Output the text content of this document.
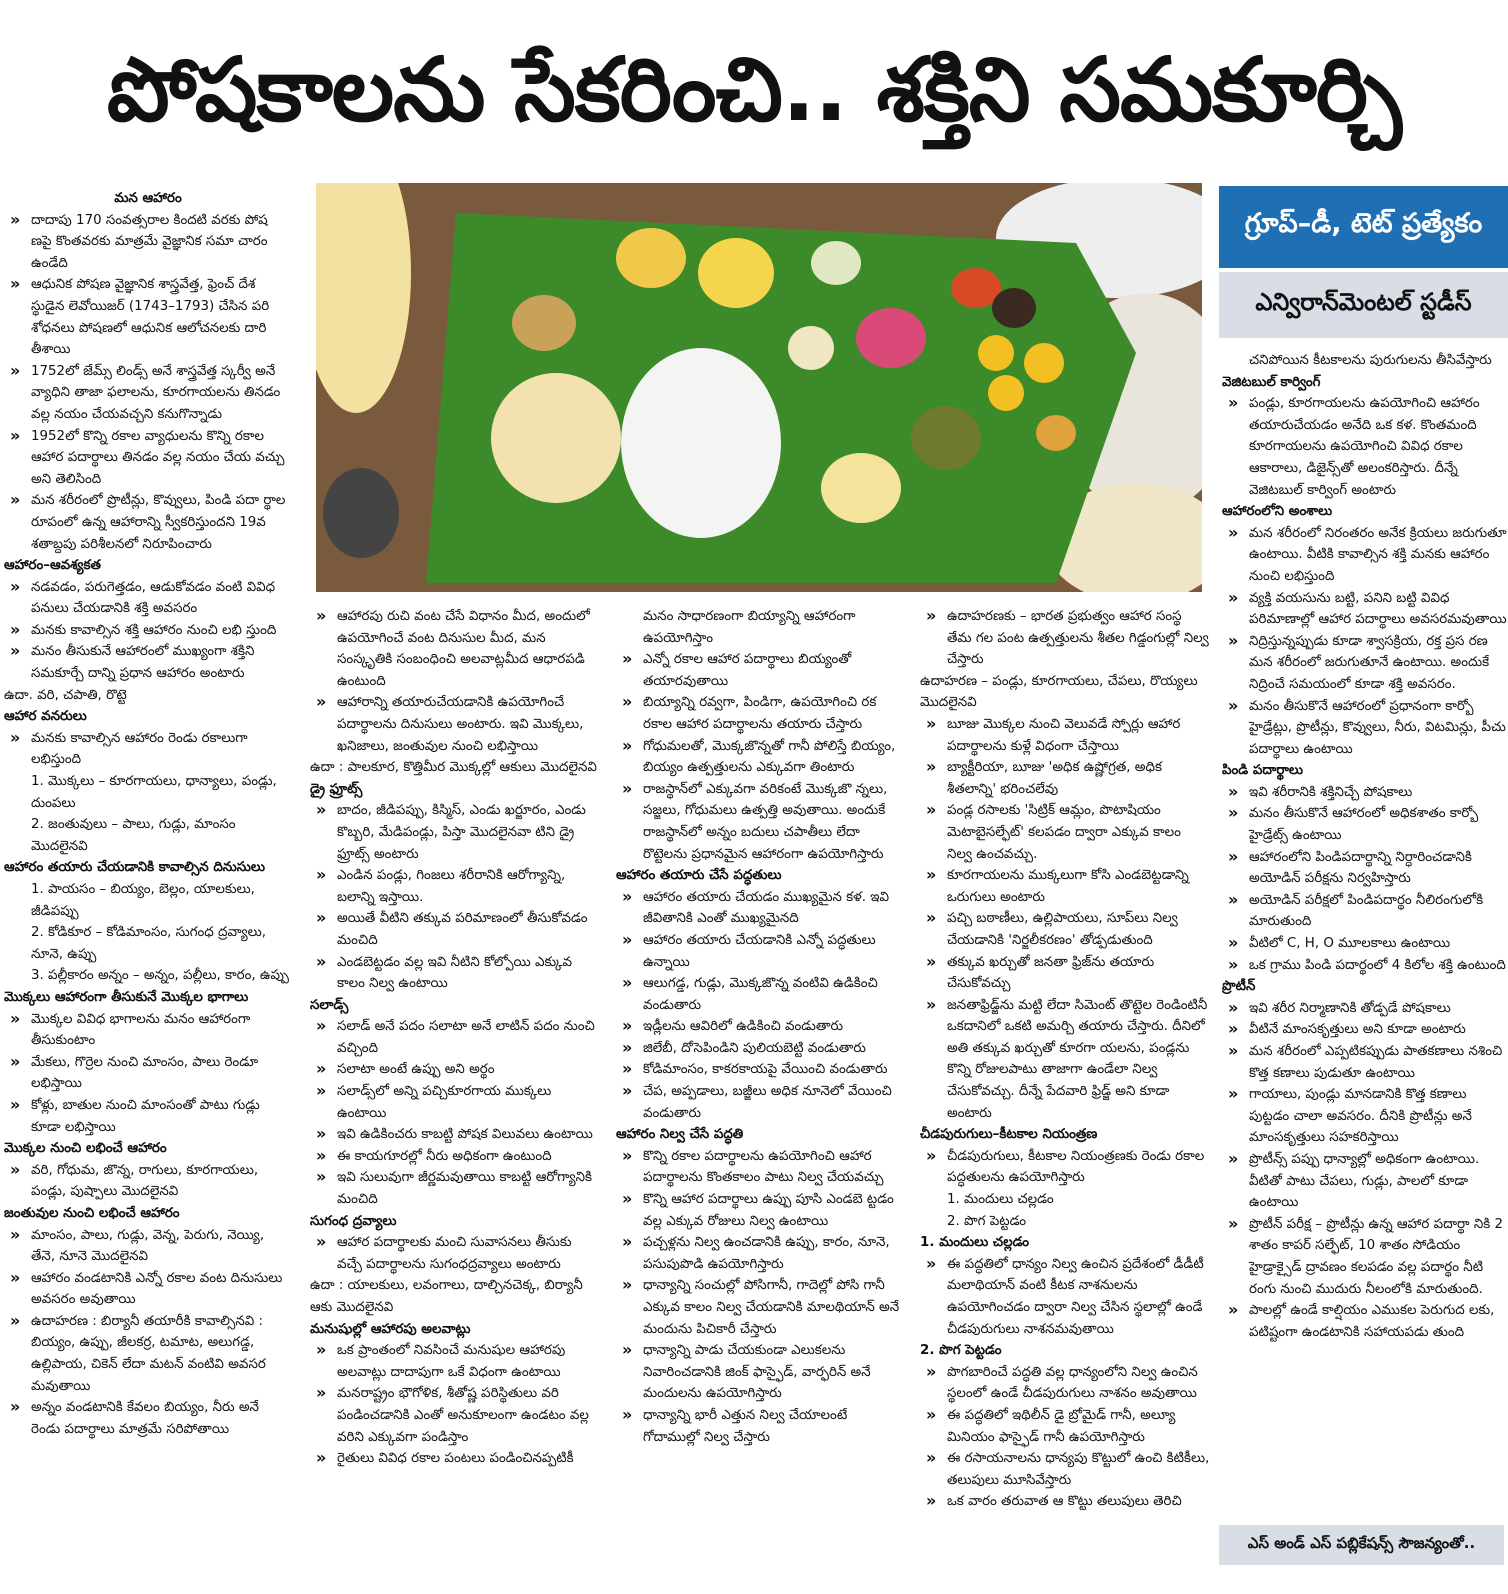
పోషకాలను సేకరించి.. శక్తిని సమకూర్చి
మన ఆహారం
» దాదాపు 170 సంవత్సరాల కిందటి వరకు పోష ణపై కొంతవరకు మాత్రమే వైజ్ఞానిక సమా చారం ఉండేది
» ఆధునిక పోషణ వైజ్ఞానిక శాస్త్రవేత్త, ఫ్రెంచ్ దేశ స్థుడైన లెవోయిజర్ (1743–1793) చేసిన పరి శోధనలు పోషణలో ఆధునిక ఆలోచనలకు దారి తీశాయి
» 1752లో జేమ్స్ లిండ్స్ అనే శాస్త్రవేత్త స్కర్వీ అనే వ్యాధిని తాజా ఫలాలను, కూరగాయలను తినడం వల్ల నయం చేయవచ్చని కనుగొన్నాడు
» 1952లో కొన్ని రకాల వ్యాధులను కొన్ని రకాల ఆహార పదార్థాలు తినడం వల్ల నయం చేయ వచ్చు అని తెలిసింది
» మన శరీరంలో ప్రొటీన్లు, కొవ్వులు, పిండి పదా ర్థాల రూపంలో ఉన్న ఆహారాన్ని స్వీకరిస్తుందని 19వ శతాబ్దపు పరిశీలనలో నిరూపించారు
ఆహారం–ఆవశ్యకత
» నడవడం, పరుగెత్తడం, ఆడుకోవడం వంటి వివిధ పనులు చేయడానికి శక్తి అవసరం
» మనకు కావాల్సిన శక్తి ఆహారం నుంచి లభి స్తుంది
» మనం తీసుకునే ఆహారంలో ముఖ్యంగా శక్తిని సమకూర్చే దాన్ని ప్రధాన ఆహారం అంటారు
ఉదా. వరి, చపాతి, రొట్టె
ఆహార వనరులు
» మనకు కావాల్సిన ఆహారం రెండు రకాలుగా లభిస్తుంది
1. మొక్కలు – కూరగాయలు, ధాన్యాలు, పండ్లు, దుంపలు
2. జంతువులు – పాలు, గుడ్లు, మాంసం మొదలైనవి
ఆహారం తయారు చేయడానికి కావాల్సిన దినుసులు
1. పాయసం – బియ్యం, బెల్లం, యాలకులు, జీడిపప్పు
2. కోడికూర – కోడిమాంసం, సుగంధ ద్రవ్యాలు, నూనె, ఉప్పు
3. పల్లీకారం అన్నం – అన్నం, పల్లీలు, కారం, ఉప్పు
మొక్కలు ఆహారంగా తీసుకునే మొక్కల భాగాలు
» మొక్కల వివిధ భాగాలను మనం ఆహారంగా తీసుకుంటాం
» మేకలు, గొర్రెల నుంచి మాంసం, పాలు రెండూ లభిస్తాయి
» కోళ్లు, బాతుల నుంచి మాంసంతో పాటు గుడ్లు కూడా లభిస్తాయి
మొక్కల నుంచి లభించే ఆహారం
» వరి, గోధుమ, జొన్న, రాగులు, కూరగాయలు, పండ్లు, పుష్పాలు మొదలైనవి
జంతువుల నుంచి లభించే ఆహారం
» మాంసం, పాలు, గుడ్లు, వెన్న, పెరుగు, నెయ్యి, తేనె, నూనె మొదలైనవి
» ఆహారం వండటానికి ఎన్నో రకాల వంట దినుసులు అవసరం అవుతాయి
» ఉదాహరణ : బిర్యానీ తయారీకి కావాల్సినవి : బియ్యం, ఉప్పు, జీలకర్ర, టమాట, అలుగడ్డ, ఉల్లిపాయ, చికెన్ లేదా మటన్ వంటివి అవసర మవుతాయి
» అన్నం వండటానికి కేవలం బియ్యం, నీరు అనే రెండు పదార్థాలు మాత్రమే సరిపోతాయి
» ఆహారపు రుచి వంట చేసే విధానం మీద, అందులో ఉపయోగించే వంట దినుసుల మీద, మన సంస్కృతికి సంబంధించి అలవాట్లమీద ఆధారపడి ఉంటుంది
» ఆహారాన్ని తయారుచేయడానికి ఉపయోగించే పదార్థాలను దినుసులు అంటారు. ఇవి మొక్కలు, ఖనిజాలు, జంతువుల నుంచి లభిస్తాయి
ఉదా : పాలకూర, కొత్తిమీర మొక్కల్లో ఆకులు మొదలైనవి
డ్రై ఫ్రూట్స్
» బాదం, జీడిపప్పు, కిస్మిస్, ఎండు ఖర్జూరం, ఎండు కొబ్బరి, మేడిపండ్లు, పిస్తా మొదలైనవా టిని డ్రై ఫ్రూట్స్ అంటారు
» ఎండిన పండ్లు, గింజలు శరీరానికి ఆరోగ్యాన్ని, బలాన్ని ఇస్తాయి.
» అయితే వీటిని తక్కువ పరిమాణంలో తీసుకోవడం మంచిది
» ఎండబెట్టడం వల్ల ఇవి నీటిని కోల్పోయి ఎక్కువ కాలం నిల్వ ఉంటాయి
సలాడ్స్
» సలాడ్ అనే పదం సలాటా అనే లాటిన్ పదం నుంచి వచ్చింది
» సలాటా అంటే ఉప్పు అని అర్థం
» సలాడ్స్‌లో అన్ని పచ్చికూరగాయ ముక్కలు ఉంటాయి
» ఇవి ఉడికించరు కాబట్టి పోషక విలువలు ఉంటాయి
» ఈ కాయగూరల్లో నీరు అధికంగా ఉంటుంది
» ఇవి సులువుగా జీర్ణమవుతాయి కాబట్టి ఆరోగ్యానికి మంచిది
సుగంధ ద్రవ్యాలు
» ఆహార పదార్థాలకు మంచి సువాసనలు తీసుకు వచ్చే పదార్థాలను సుగంధద్రవ్యాలు అంటారు
ఉదా : యాలకులు, లవంగాలు, దాల్చినచెక్క, బిర్యానీ ఆకు మొదలైనవి
మనుషుల్లో ఆహారపు అలవాట్లు
» ఒక ప్రాంతంలో నివసించే మనుషుల ఆహారపు అలవాట్లు దాదాపుగా ఒకే విధంగా ఉంటాయి
» మనరాష్ట్రం భౌగోళిక, శీతోష్ణ పరిస్థితులు వరి పండించడానికి ఎంతో అనుకూలంగా ఉండటం వల్ల వరిని ఎక్కువగా పండిస్తాం
» రైతులు వివిధ రకాల పంటలు పండించినప్పటికీ
మనం సాధారణంగా బియ్యాన్ని ఆహారంగా ఉపయోగిస్తాం
» ఎన్నో రకాల ఆహార పదార్థాలు బియ్యంతో తయారవుతాయి
» బియ్యాన్ని రవ్వగా, పిండిగా, ఉపయోగించి రక రకాల ఆహార పదార్థాలను తయారు చేస్తారు
» గోధుమలతో, మొక్కజొన్నతో గానీ పోలిస్తే బియ్యం, బియ్యం ఉత్పత్తులను ఎక్కువగా తింటారు
» రాజస్థాన్‌లో ఎక్కువగా వరికంటే మొక్కజొ న్నలు, సజ్జలు, గోధుమలు ఉత్పత్తి అవుతాయి. అందుకే రాజస్థాన్‌లో అన్నం బదులు చపాతీలు లేదా రొట్టెలను ప్రధానమైన ఆహారంగా ఉపయోగిస్తారు
ఆహారం తయారు చేసే పద్ధతులు
» ఆహారం తయారు చేయడం ముఖ్యమైన కళ. ఇవి జీవితానికి ఎంతో ముఖ్యమైనది
» ఆహారం తయారు చేయడానికి ఎన్నో పద్ధతులు ఉన్నాయి
» ఆలుగడ్డ, గుడ్లు, మొక్కజొన్న వంటివి ఉడికించి వండుతారు
» ఇడ్లీలను ఆవిరిలో ఉడికించి వండుతారు
» జిలేబీ, దోసెపిండిని పులియబెట్టి వండుతారు
» కోడిమాంసం, కాకరకాయపై వేయించి వండుతారు
» చేప, అప్పడాలు, బజ్జీలు అధిక నూనెలో వేయించి వండుతారు
ఆహారం నిల్వ చేసే పద్ధతి
» కొన్ని రకాల పదార్థాలను ఉపయోగించి ఆహార పదార్థాలను కొంతకాలం పాటు నిల్వ చేయవచ్చు
» కొన్ని ఆహార పదార్థాలు ఉప్పు పూసి ఎండబె ట్టడం వల్ల ఎక్కువ రోజులు నిల్వ ఉంటాయి
» పచ్చళ్లను నిల్వ ఉంచడానికి ఉప్పు, కారం, నూనె, పసుపుపొడి ఉపయోగిస్తారు
» ధాన్యాన్ని సంచుల్లో పోసిగానీ, గాదెల్లో పోసి గానీ ఎక్కువ కాలం నిల్వ చేయడానికి మాలథియాన్ అనే మందును పిచికారీ చేస్తారు
» ధాన్యాన్ని పాడు చేయకుండా ఎలుకలను నివారించడానికి జింక్ ఫాస్ఫైడ్, వార్ఫరిన్ అనే మందులను ఉపయోగిస్తారు
» ధాన్యాన్ని భారీ ఎత్తున నిల్వ చేయాలంటే గోదాముల్లో నిల్వ చేస్తారు
» ఉదాహరణకు – భారత ప్రభుత్వం ఆహార సంస్థ తేమ గల పంట ఉత్పత్తులను శీతల గిడ్డంగుల్లో నిల్వ చేస్తారు
ఉదాహరణ – పండ్లు, కూరగాయలు, చేపలు, రొయ్యలు మొదలైనవి
» బూజు మొక్కల నుంచి వెలువడే స్పోర్లు ఆహార పదార్థాలను కుళ్లే విధంగా చేస్తాయి
» బ్యాక్టీరియా, బూజు 'అధిక ఉష్ణోగ్రత, అధిక శీతలాన్ని' భరించలేవు
» పండ్ల రసాలకు 'సిట్రిక్ ఆమ్లం, పొటాషియం మెటాబైసల్ఫేట్' కలపడం ద్వారా ఎక్కువ కాలం నిల్వ ఉంచవచ్చు.
» కూరగాయలను ముక్కలుగా కోసి ఎండబెట్టడాన్ని ఒరుగులు అంటారు
» పచ్చి బఠాణీలు, ఉల్లిపాయలు, సూప్‌లు నిల్వ చేయడానికి 'నిర్జలీకరణం' తోడ్పడుతుంది
» తక్కువ ఖర్చుతో జనతా ఫ్రిజ్‌ను తయారు చేసుకోవచ్చు
» జనతాఫ్రిడ్జ్‌ను మట్టి లేదా సిమెంట్ తొట్టెల రెండింటినీ ఒకదానిలో ఒకటి అమర్చి తయారు చేస్తారు. దీనిలో అతి తక్కువ ఖర్చుతో కూరగా యలను, పండ్లను కొన్ని రోజులపాటు తాజాగా ఉండేలా నిల్వ చేసుకోవచ్చు. దీన్నే పేదవారి ఫ్రిడ్జ్ అని కూడా అంటారు
చీడపురుగులు–కీటకాల నియంత్రణ
» చీడపురుగులు, కీటకాల నియంత్రణకు రెండు రకాల పద్ధతులను ఉపయోగిస్తారు
1. మందులు చల్లడం
2. పొగ పెట్టడం
1. మందులు చల్లడం
» ఈ పద్ధతిలో ధాన్యం నిల్వ ఉంచిన ప్రదేశంలో డీడీటీ మలాథియాన్ వంటి కీటక నాశనులను ఉపయోగించడం ద్వారా నిల్వ చేసిన స్థలాల్లో ఉండే చీడపురుగులు నాశనమవుతాయి
2. పొగ పెట్టడం
» పొగబారించే పద్ధతి వల్ల ధాన్యంలోని నిల్వ ఉంచిన స్థలంలో ఉండే చీడపురుగులు నాశనం అవుతాయి
» ఈ పద్ధతిలో ఇథిలీన్ డై బ్రోమైడ్ గానీ, అల్యూ మినియం ఫాస్ఫైడ్ గానీ ఉపయోగిస్తారు
» ఈ రసాయనాలను ధాన్యపు కొట్టులో ఉంచి కిటికీలు, తలుపులు మూసివేస్తారు
» ఒక వారం తరువాత ఆ కొట్టు తలుపులు తెరిచి
గ్రూప్–డీ, టెట్ ప్రత్యేకం
ఎన్విరాన్‌మెంటల్ స్టడీస్
చనిపోయిన కీటకాలను పురుగులను తీసివేస్తారు
వెజిటబుల్ కార్వింగ్
» పండ్లు, కూరగాయలను ఉపయోగించి ఆహారం తయారుచేయడం అనేది ఒక కళ. కొంతమంది కూరగాయలను ఉపయోగించి వివిధ రకాల ఆకారాలు, డిజైన్స్‌తో అలంకరిస్తారు. దీన్నే వెజిటబుల్ కార్వింగ్ అంటారు
ఆహారంలోని అంశాలు
» మన శరీరంలో నిరంతరం అనేక క్రియలు జరుగుతూ ఉంటాయి. వీటికి కావాల్సిన శక్తి మనకు ఆహారం నుంచి లభిస్తుంది
» వ్యక్తి వయసును బట్టి, పనిని బట్టి వివిధ పరిమాణాల్లో ఆహార పదార్థాలు అవసరమవుతాయి
» నిద్రిస్తున్నప్పుడు కూడా శ్వాసక్రియ, రక్త ప్రస రణ మన శరీరంలో జరుగుతూనే ఉంటాయి. అందుకే నిద్రించే సమయంలో కూడా శక్తి అవసరం.
» మనం తీసుకొనే ఆహారంలో ప్రధానంగా కార్బో హైడ్రేట్లు, ప్రొటీన్లు, కొవ్వులు, నీరు, విటమిన్లు, పీచు పదార్థాలు ఉంటాయి
పిండి పదార్థాలు
» ఇవి శరీరానికి శక్తినిచ్చే పోషకాలు
» మనం తీసుకొనే ఆహారంలో అధికశాతం కార్బో హైడ్రేట్స్ ఉంటాయి
» ఆహారంలోని పిండిపదార్థాన్ని నిర్ధారించడానికి అయోడిన్ పరీక్షను నిర్వహిస్తారు
» అయోడిన్ పరీక్షలో పిండిపదార్థం నీలిరంగులోకి మారుతుంది
» వీటిలో C, H, O మూలకాలు ఉంటాయి
» ఒక గ్రాము పిండి పదార్థంలో 4 కిలోల శక్తి ఉంటుంది
ప్రొటీన్
» ఇవి శరీర నిర్మాణానికి తోడ్పడే పోషకాలు
» వీటినే మాంసకృత్తులు అని కూడా అంటారు
» మన శరీరంలో ఎప్పటికప్పుడు పాతకణాలు నశించి కొత్త కణాలు పుడుతూ ఉంటాయి
» గాయాలు, పుండ్లు మానడానికి కొత్త కణాలు పుట్టడం చాలా అవసరం. దీనికి ప్రొటీన్లు అనే మాంసకృత్తులు సహకరిస్తాయి
» ప్రొటీన్స్ పప్పు ధాన్యాల్లో అధికంగా ఉంటాయి. వీటితో పాటు చేపలు, గుడ్లు, పాలలో కూడా ఉంటాయి
» ప్రొటీన్ పరీక్ష – ప్రొటీన్లు ఉన్న ఆహార పదార్థా నికి 2 శాతం కాపర్ సల్ఫేట్, 10 శాతం సోడియం హైడ్రాక్సైడ్ ద్రావణం కలపడం వల్ల పదార్థం నీటి రంగు నుంచి ముదురు నీలంలోకి మారుతుంది.
» పాలల్లో ఉండే కాల్షియం ఎముకల పెరుగుద లకు, పటిష్టంగా ఉండటానికి సహాయపడు తుంది
ఎస్ అండ్ ఎస్ పబ్లికేషన్స్ సౌజన్యంతో..
